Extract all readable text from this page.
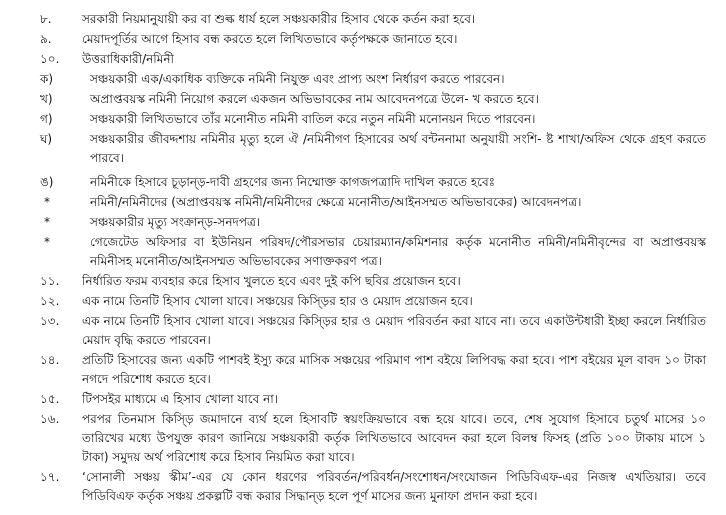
৮.	সরকারী নিয়মানুযায়ী কর বা শুল্ক ধার্য হলে সঞ্চয়কারীর হিসাব থেকে কর্তন করা হবে।
৯.	মেয়াদপূর্তির আগে হিসাব বন্ধ করতে হলে লিখিতভাবে কর্তৃপক্ষকে জানাতে হবে।
১০.	উত্তরাধিকারী/নমিনী
ক)	সঞ্চয়কারী এক/একাধিক ব্যক্তিকে নমিনী নিযুক্ত এবং প্রাপ্য অংশ নির্ধারণ করতে পারবেন।
খ)	অপ্রাপ্তবয়স্ক নমিনী নিয়োগ করলে একজন অভিভাবকের নাম আবেদনপত্রে উলে- খ করতে হবে।
গ)	সঞ্চয়কারী লিখিতভাবে তাঁর মনোনীত নমিনী বাতিল করে নতুন নমিনী মনোনয়ন দিতে পারবেন।
ঘ)	সঞ্চয়কারীর জীবদ্দশায় নমিনীর মৃত্যু হলে ঐ /নমিনীগণ হিসাবের অর্থ বন্টননামা অনুযায়ী সংশি- ষ্ট শাখা/অফিস থেকে গ্রহণ করতে পারবে।
ঙ)	নমিনীকে হিসাবে চূড়ান্ড়-দাবী গ্রহণের জন্য নিম্মোক্ত কাগজপত্রাদি দাখিল করতে হবেঃ
*	নমিনী/নমিনীদের (অপ্রাপ্তবয়স্ক নমিনী/নমিনীদের ক্ষেত্রে মনোনীত/আইনসম্মত অভিভাবকের) আবেদনপত্র।
*	সঞ্চয়কারীর মৃত্যু সংক্রান্ড়-সনদপত্র।
*	গেজেটেড অফিসার বা ইউনিয়ন পরিষদ/পৌরসভার চেয়ারম্যান/কমিশনার কর্তৃক মনোনীত নমিনী/নমিনীবৃন্দের বা অপ্রাপ্তবয়স্ক নমিনীসহ মনোনীত/আইনসম্মত অভিভাবকের সণাক্তকরণ পত্র।
১১.	নির্ধারিত ফরম ব্যবহার করে হিসাব খুলতে হবে এবং দুই কপি ছবির প্রয়োজন হবে।
১২.	এক নামে তিনটি হিসাব খোলা যাবে। সঞ্চয়ের কিস্ড়ির হার ও মেয়াদ প্রয়োজন হবে।
১৩.	এক নামে তিনটি হিসাব খোলা যাবে। সঞ্চয়ের কিস্ড়ির হার ও মেয়াদ পরিবর্তন করা যাবে না। তবে একাউন্টধারী ইচ্ছা করলে নির্ধারিত মেয়াদ বৃদ্ধি করতে পারবেন।
১৪.	প্রতিটি হিসাবের জন্য একটি পাশবই ইস্যু করে মাসিক সঞ্চয়ের পরিমাণ পাশ বইয়ে লিপিবদ্ধ করা হবে। পাশ বইয়ের মূল বাবদ ১০ টাকা নগদে পরিশোধ করতে হবে।
১৫.	টিপসইর মাধ্যমে এ হিসাব খোলা যাবে না।
১৬.	পরপর তিনমাস কিস্ড়ি জমাদানে ব্যর্থ হলে হিসাবটি স্বয়ংক্রিয়ভাবে বন্ধ হয়ে যাবে। তবে, শেষ সুযোগ হিসাবে চতুর্থ মাসের ১০ তারিখের মধ্যে উপযুক্ত কারণ জানিয়ে সঞ্চয়কারী কর্তৃক লিখিতভাবে আবেদন করা হলে বিলম্ব ফিসহ (প্রতি ১০০ টাকায় মাসে ১ টাকা) সমুদয় অর্থ পরিশোধ করে হিসাব নিয়মিত করা যাবে।
১৭.	‘সোনালী সঞ্চয় স্কীম’-এর যে কোন ধরণের পরিবর্তন/পরিবর্ধন/সংশোধন/সংযোজন পিডিবিএফ-এর নিজস্ব এখতিয়ার। তবে পিডিবিএফ কর্তৃক সঞ্চয় প্রকল্পটি বন্ধ করার সিদ্ধান্ড় হলে পূর্ণ মাসের জন্য মুনাফা প্রদান করা হবে।
